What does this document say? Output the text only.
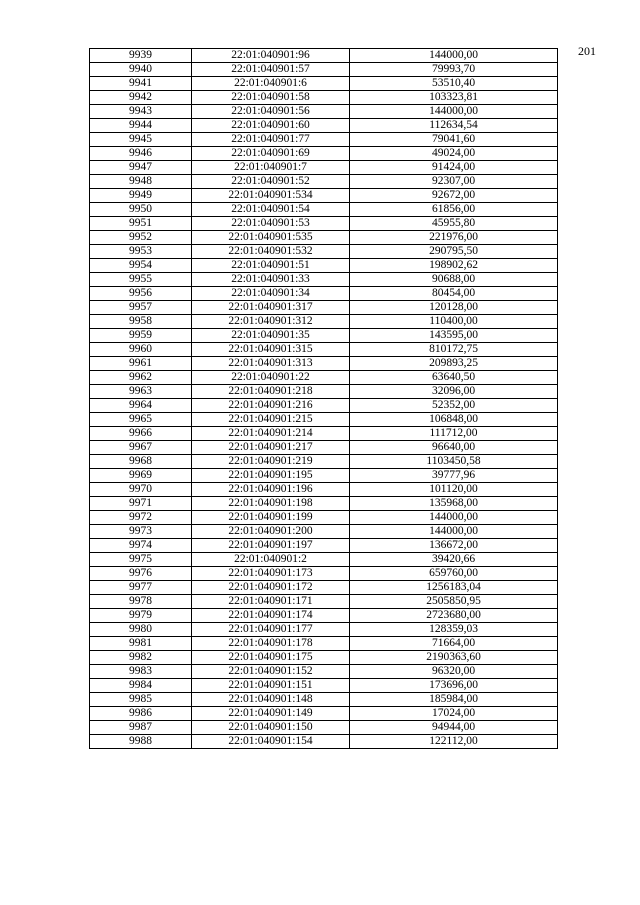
201
9939	22:01:040901:96	144000,00
9940	22:01:040901:57	79993,70
9941	22:01:040901:6	53510,40
9942	22:01:040901:58	103323,81
9943	22:01:040901:56	144000,00
9944	22:01:040901:60	112634,54
9945	22:01:040901:77	79041,60
9946	22:01:040901:69	49024,00
9947	22:01:040901:7	91424,00
9948	22:01:040901:52	92307,00
9949	22:01:040901:534	92672,00
9950	22:01:040901:54	61856,00
9951	22:01:040901:53	45955,80
9952	22:01:040901:535	221976,00
9953	22:01:040901:532	290795,50
9954	22:01:040901:51	198902,62
9955	22:01:040901:33	90688,00
9956	22:01:040901:34	80454,00
9957	22:01:040901:317	120128,00
9958	22:01:040901:312	110400,00
9959	22:01:040901:35	143595,00
9960	22:01:040901:315	810172,75
9961	22:01:040901:313	209893,25
9962	22:01:040901:22	63640,50
9963	22:01:040901:218	32096,00
9964	22:01:040901:216	52352,00
9965	22:01:040901:215	106848,00
9966	22:01:040901:214	111712,00
9967	22:01:040901:217	96640,00
9968	22:01:040901:219	1103450,58
9969	22:01:040901:195	39777,96
9970	22:01:040901:196	101120,00
9971	22:01:040901:198	135968,00
9972	22:01:040901:199	144000,00
9973	22:01:040901:200	144000,00
9974	22:01:040901:197	136672,00
9975	22:01:040901:2	39420,66
9976	22:01:040901:173	659760,00
9977	22:01:040901:172	1256183,04
9978	22:01:040901:171	2505850,95
9979	22:01:040901:174	2723680,00
9980	22:01:040901:177	128359,03
9981	22:01:040901:178	71664,00
9982	22:01:040901:175	2190363,60
9983	22:01:040901:152	96320,00
9984	22:01:040901:151	173696,00
9985	22:01:040901:148	185984,00
9986	22:01:040901:149	17024,00
9987	22:01:040901:150	94944,00
9988	22:01:040901:154	122112,00
